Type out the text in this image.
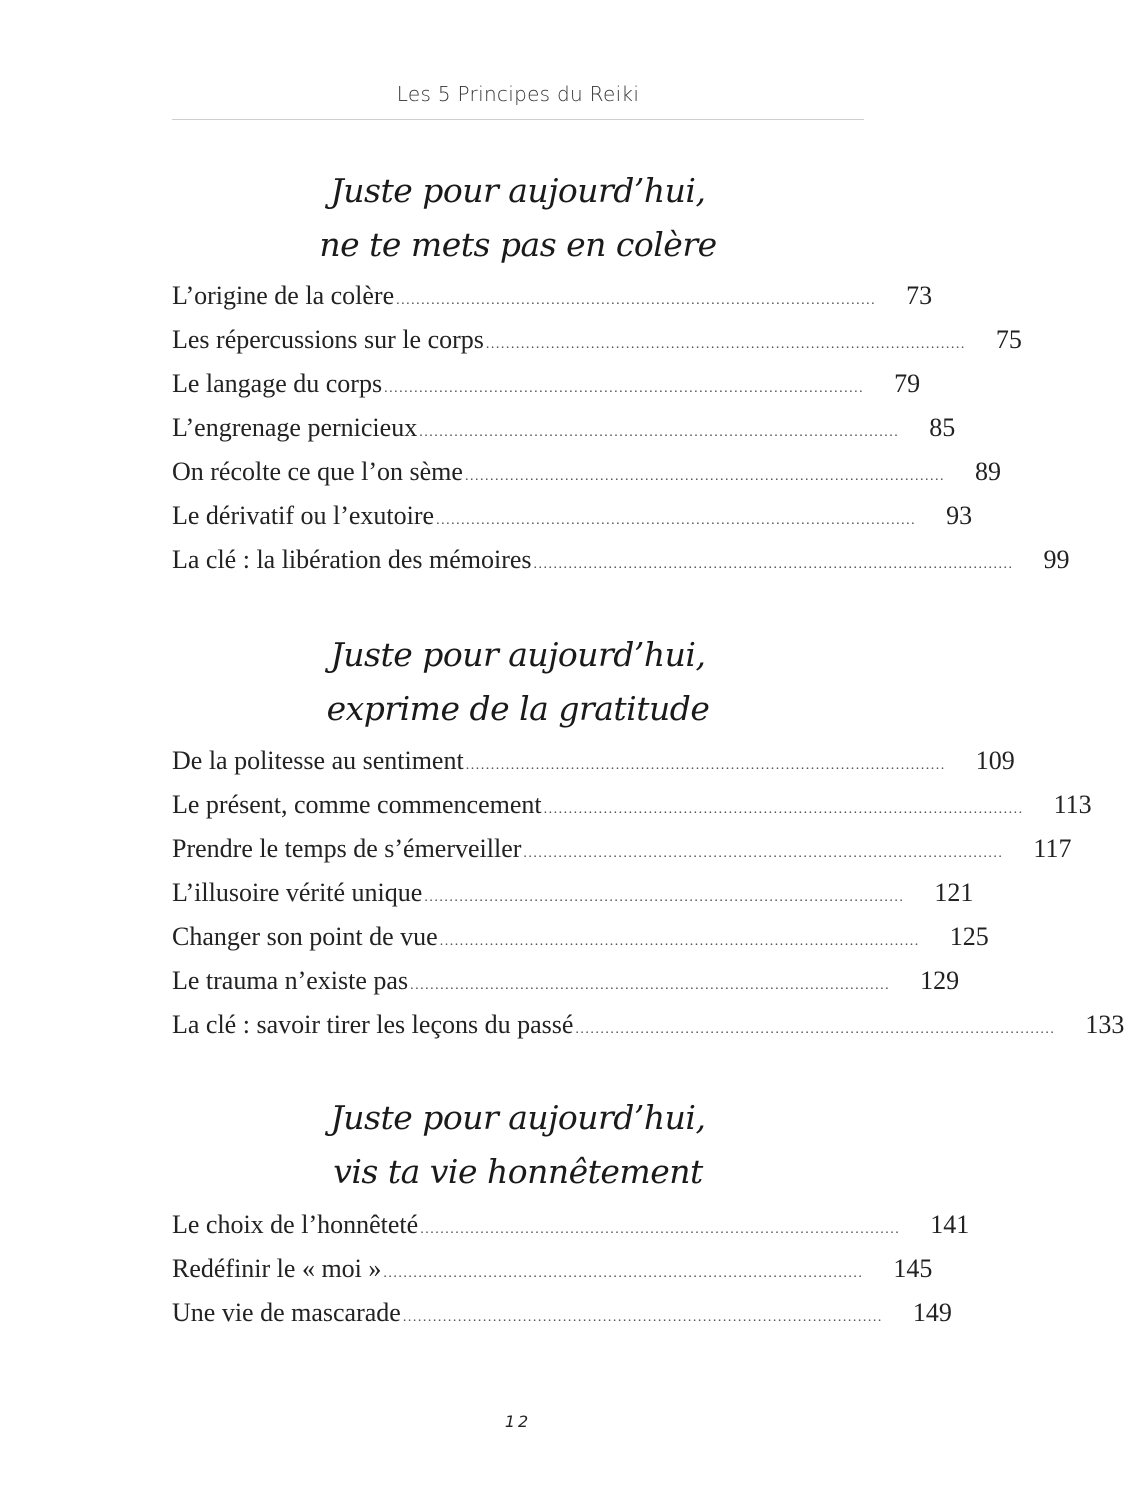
Les 5 Principes du Reiki
Juste pour aujourd’hui,
ne te mets pas en colère
L’origine de la colère ................................................................................................ 73
Les répercussions sur le corps ................................................................................................ 75
Le langage du corps ................................................................................................ 79
L’engrenage pernicieux ................................................................................................ 85
On récolte ce que l’on sème ................................................................................................ 89
Le dérivatif ou l’exutoire ................................................................................................ 93
La clé : la libération des mémoires ................................................................................................ 99
Juste pour aujourd’hui,
exprime de la gratitude
De la politesse au sentiment ................................................................................................ 109
Le présent, comme commencement ................................................................................................ 113
Prendre le temps de s’émerveiller ................................................................................................ 117
L’illusoire vérité unique ................................................................................................ 121
Changer son point de vue ................................................................................................ 125
Le trauma n’existe pas ................................................................................................ 129
La clé : savoir tirer les leçons du passé ................................................................................................ 133
Juste pour aujourd’hui,
vis ta vie honnêtement
Le choix de l’honnêteté ................................................................................................ 141
Redéfinir le « moi » ................................................................................................ 145
Une vie de mascarade ................................................................................................ 149
12
